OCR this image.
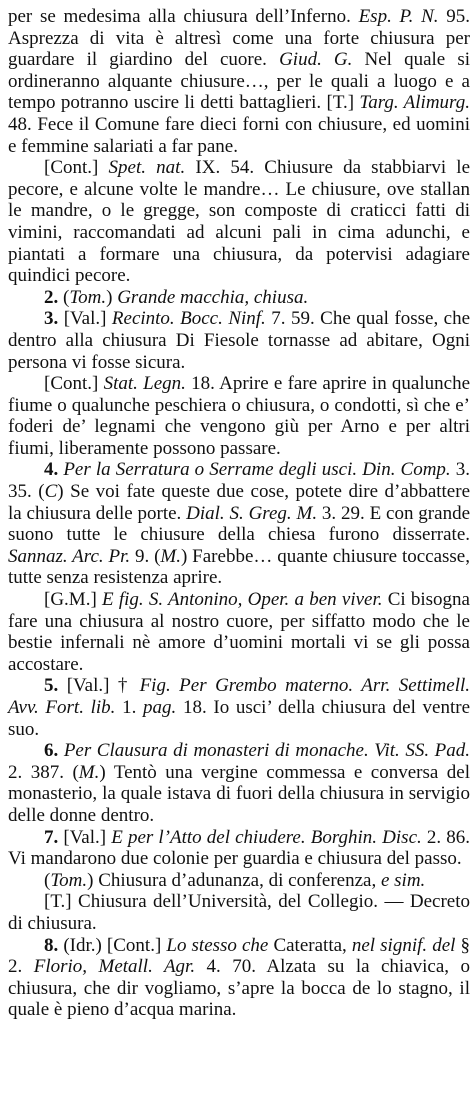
per se medesima alla chiusura dell’Inferno. Esp. P. N. 95. Asprezza di vita è altresì come una forte chiusura per guardare il giardino del cuore. Giud. G. Nel quale si ordineranno alquante chiusure…, per le quali a luogo e a tempo potranno uscire li detti battaglieri. [T.] Targ. Alimurg. 48. Fece il Comune fare dieci forni con chiusure, ed uomini e femmine salariati a far pane.

[Cont.] Spet. nat. IX. 54. Chiusure da stabbiarvi le pecore, e alcune volte le mandre… Le chiusure, ove stallan le mandre, o le gregge, son composte di craticci fatti di vimini, raccomandati ad alcuni pali in cima adunchi, e piantati a formare una chiusura, da potervisi adagiare quindici pecore.

2. (Tom.) Grande macchia, chiusa.

3. [Val.] Recinto. Bocc. Ninf. 7. 59. Che qual fosse, che dentro alla chiusura Di Fiesole tornasse ad abitare, Ogni persona vi fosse sicura.

[Cont.] Stat. Legn. 18. Aprire e fare aprire in qualunche fiume o qualunche peschiera o chiusura, o condotti, sì che e’ foderi de’ legnami che vengono giù per Arno e per altri fiumi, liberamente possono passare.

4. Per la Serratura o Serrame degli usci. Din. Comp. 3. 35. (C) Se voi fate queste due cose, potete dire d’abbattere la chiusura delle porte. Dial. S. Greg. M. 3. 29. E con grande suono tutte le chiusure della chiesa furono disserrate. Sannaz. Arc. Pr. 9. (M.) Farebbe… quante chiusure toccasse, tutte senza resistenza aprire.

[G.M.] E fig. S. Antonino, Oper. a ben viver. Ci bisogna fare una chiusura al nostro cuore, per siffatto modo che le bestie infernali nè amore d’uomini mortali vi se gli possa accostare.

5. [Val.] † Fig. Per Grembo materno. Arr. Settimell. Avv. Fort. lib. 1. pag. 18. Io usci’ della chiusura del ventre suo.

6. Per Clausura di monasteri di monache. Vit. SS. Pad. 2. 387. (M.) Tentò una vergine commessa e conversa del monasterio, la quale istava di fuori della chiusura in servigio delle donne dentro.

7. [Val.] E per l’Atto del chiudere. Borghin. Disc. 2. 86. Vi mandarono due colonie per guardia e chiusura del passo.

(Tom.) Chiusura d’adunanza, di conferenza, e sim.

[T.] Chiusura dell’Università, del Collegio. — Decreto di chiusura.

8. (Idr.) [Cont.] Lo stesso che Cateratta, nel signif. del § 2. Florio, Metall. Agr. 4. 70. Alzata su la chiavica, o chiusura, che dir vogliamo, s’apre la bocca de lo stagno, il quale è pieno d’acqua marina.
